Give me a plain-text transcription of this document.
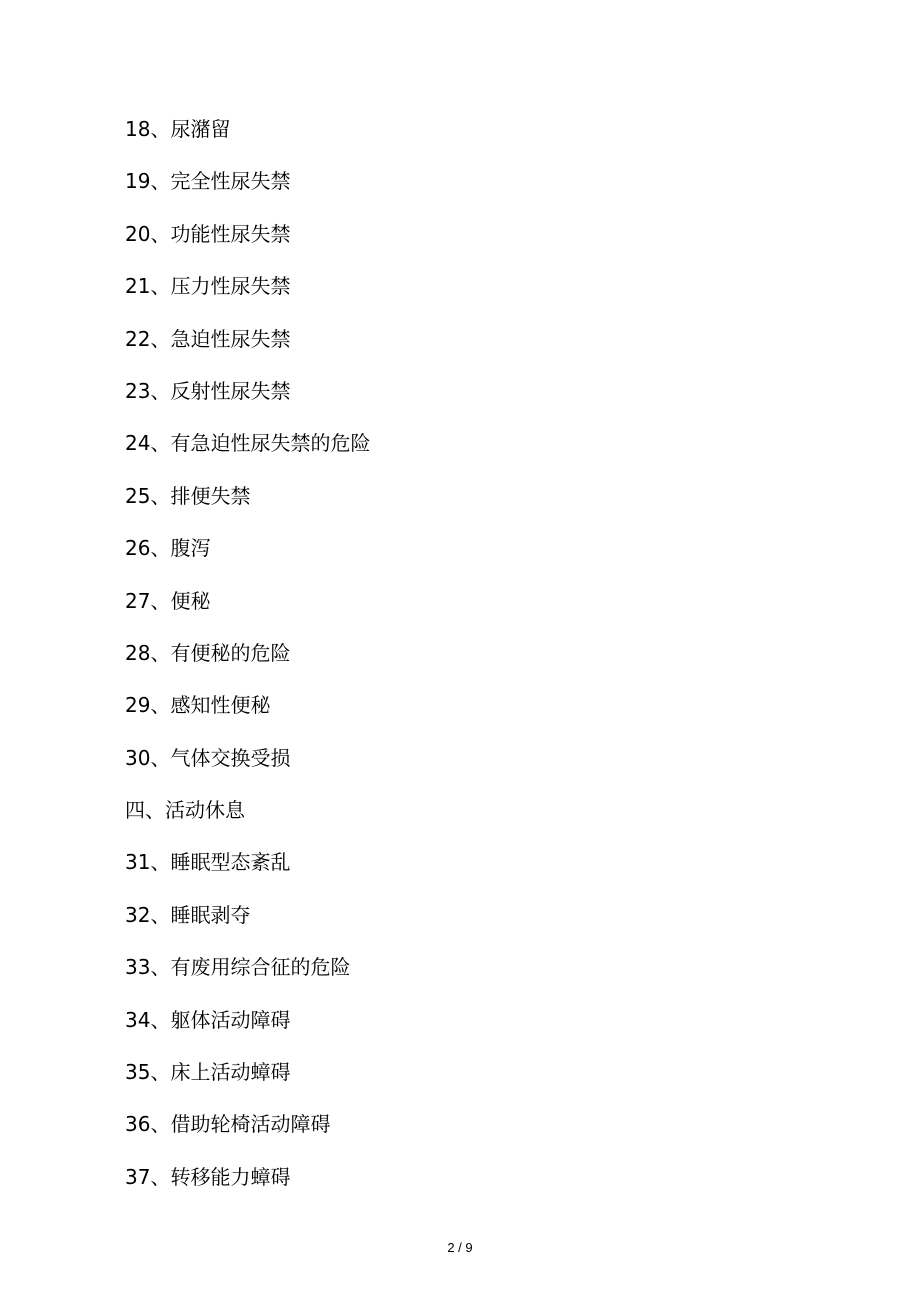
18、尿潴留
19、完全性尿失禁
20、功能性尿失禁
21、压力性尿失禁
22、急迫性尿失禁
23、反射性尿失禁
24、有急迫性尿失禁的危险
25、排便失禁
26、腹泻
27、便秘
28、有便秘的危险
29、感知性便秘
30、气体交换受损
四、活动休息
31、睡眠型态紊乱
32、睡眠剥夺
33、有废用综合征的危险
34、躯体活动障碍
35、床上活动蟑碍
36、借助轮椅活动障碍
37、转移能力蟑碍
2 / 9
